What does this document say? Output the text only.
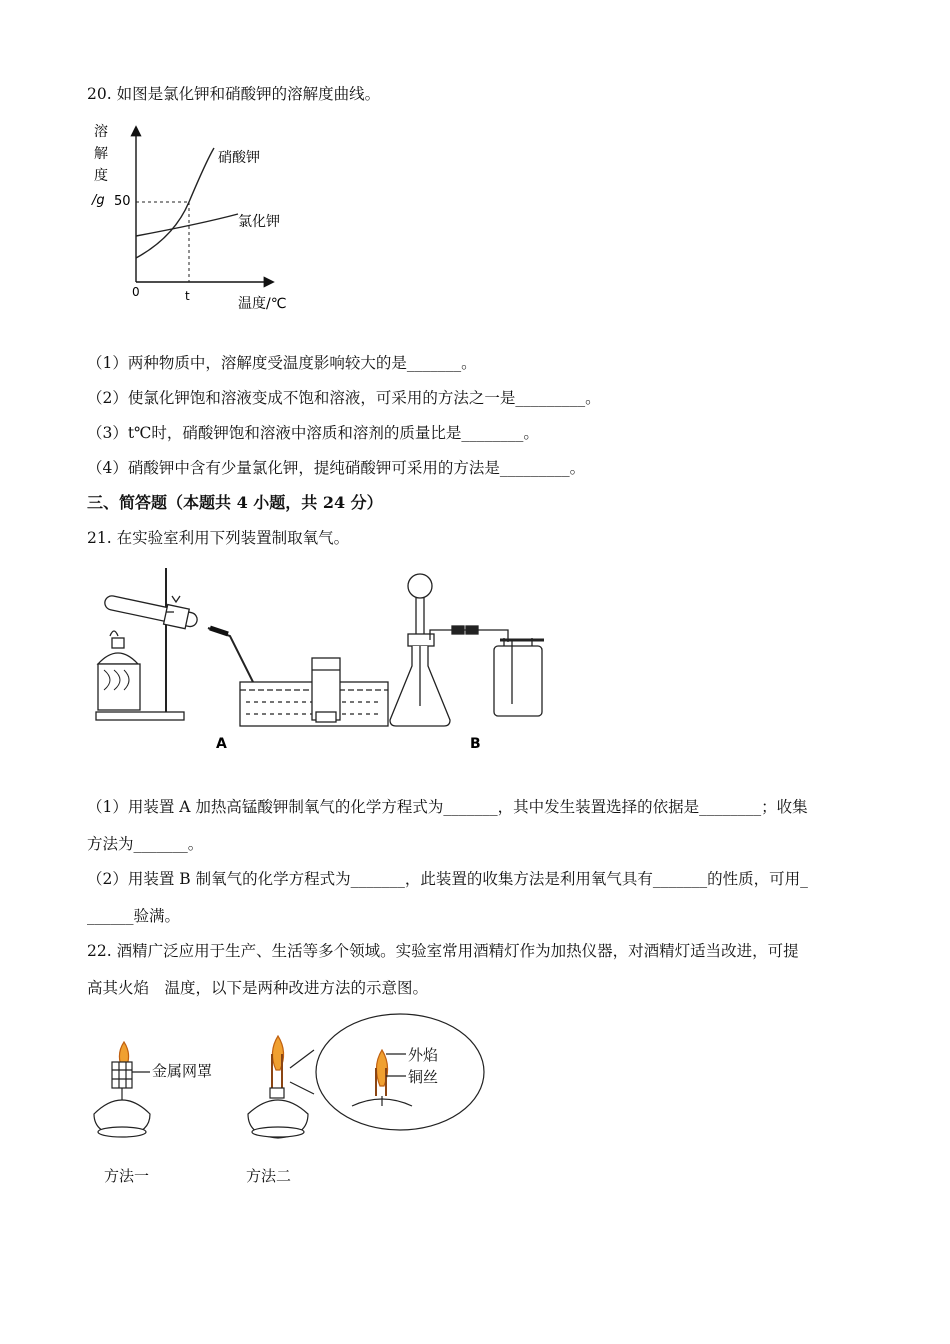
20. 如图是氯化钾和硝酸钾的溶解度曲线。
溶
解
度
/g 50
0	t	温度/℃
硝酸钾
氯化钾
（1）两种物质中，溶解度受温度影响较大的是_______。
（2）使氯化钾饱和溶液变成不饱和溶液，可采用的方法之一是_________。
（3）t℃时，硝酸钾饱和溶液中溶质和溶剂的质量比是________。
（4）硝酸钾中含有少量氯化钾，提纯硝酸钾可采用的方法是_________。
三、简答题（本题共 4 小题，共 24 分）
21. 在实验室利用下列装置制取氧气。
A	B
（1）用装置 A 加热高锰酸钾制氧气的化学方程式为_______，其中发生装置选择的依据是________；收集
方法为_______。
（2）用装置 B 制氧气的化学方程式为_______，此装置的收集方法是利用氧气具有_______的性质，可用_
______验满。
22. 酒精广泛应用于生产、生活等多个领域。实验室常用酒精灯作为加热仪器，对酒精灯适当改进，可提
高其火焰　温度，以下是两种改进方法的示意图。
金属网罩
外焰
铜丝
方法一	方法二
